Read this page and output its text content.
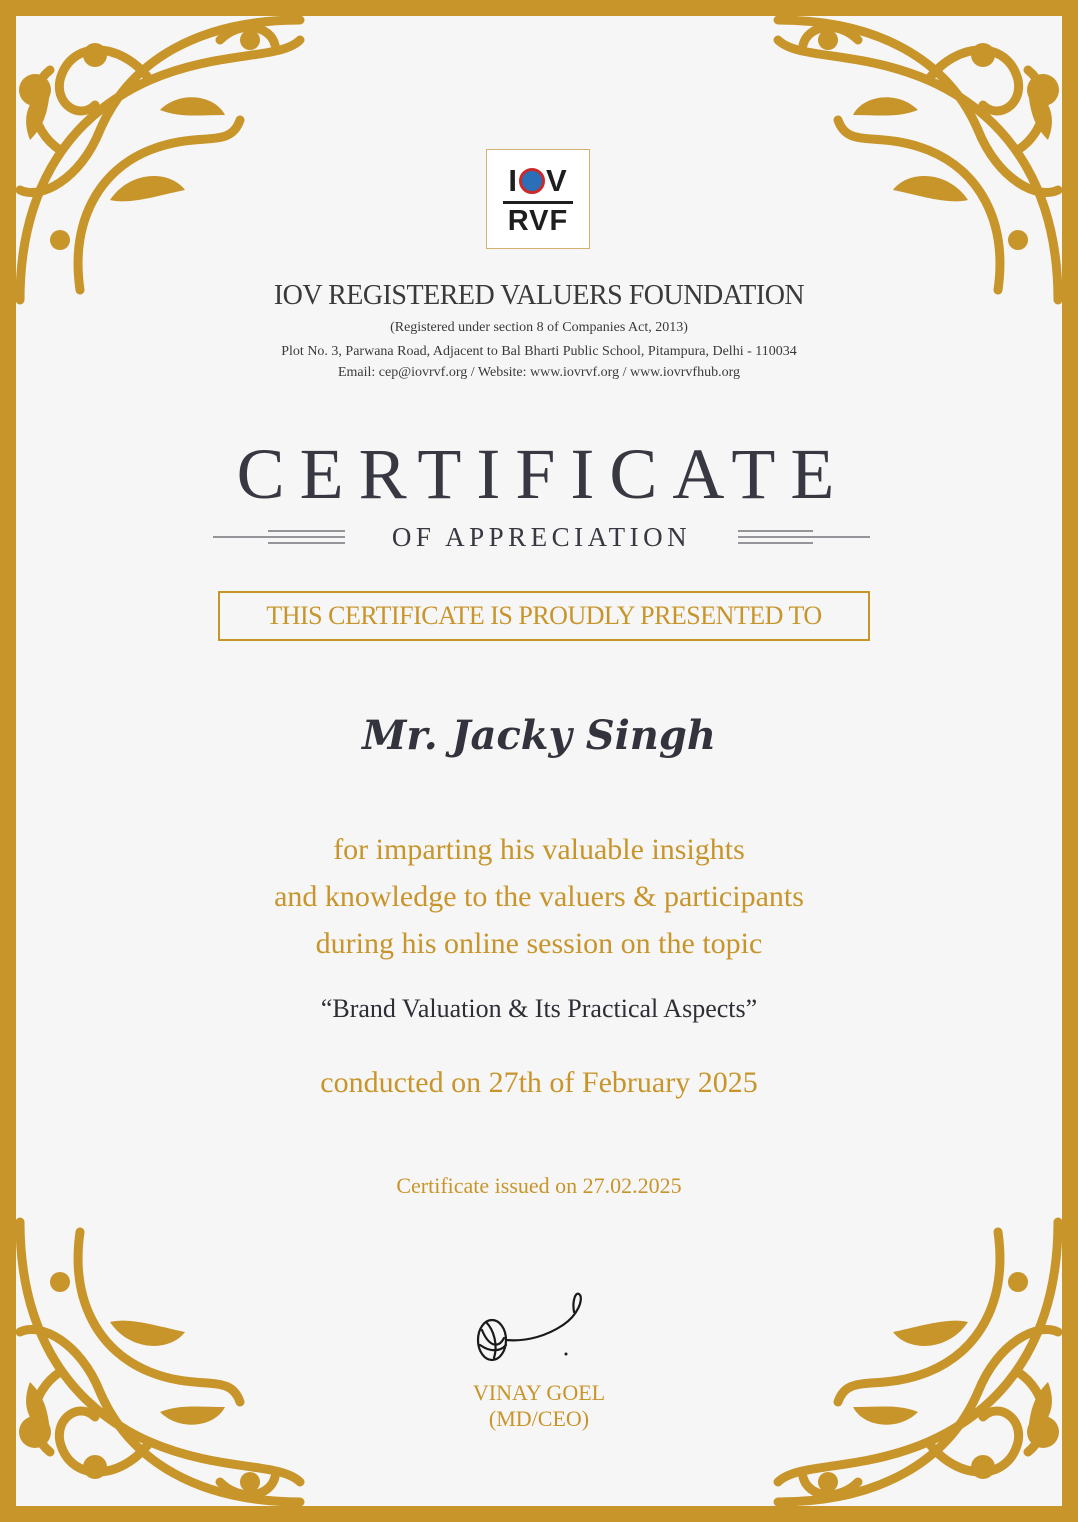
I V
RVF
IOV REGISTERED VALUERS FOUNDATION
(Registered under section 8 of Companies Act, 2013)
Plot No. 3, Parwana Road, Adjacent to Bal Bharti Public School, Pitampura, Delhi - 110034
Email: cep@iovrvf.org / Website: www.iovrvf.org / www.iovrvfhub.org
CERTIFICATE
OF APPRECIATION
THIS CERTIFICATE IS PROUDLY PRESENTED TO
Mr. Jacky Singh
for imparting his valuable insights
and knowledge to the valuers & participants
during his online session on the topic
“Brand Valuation & Its Practical Aspects”
conducted on 27th of February 2025
Certificate issued on 27.02.2025
VINAY GOEL
(MD/CEO)
